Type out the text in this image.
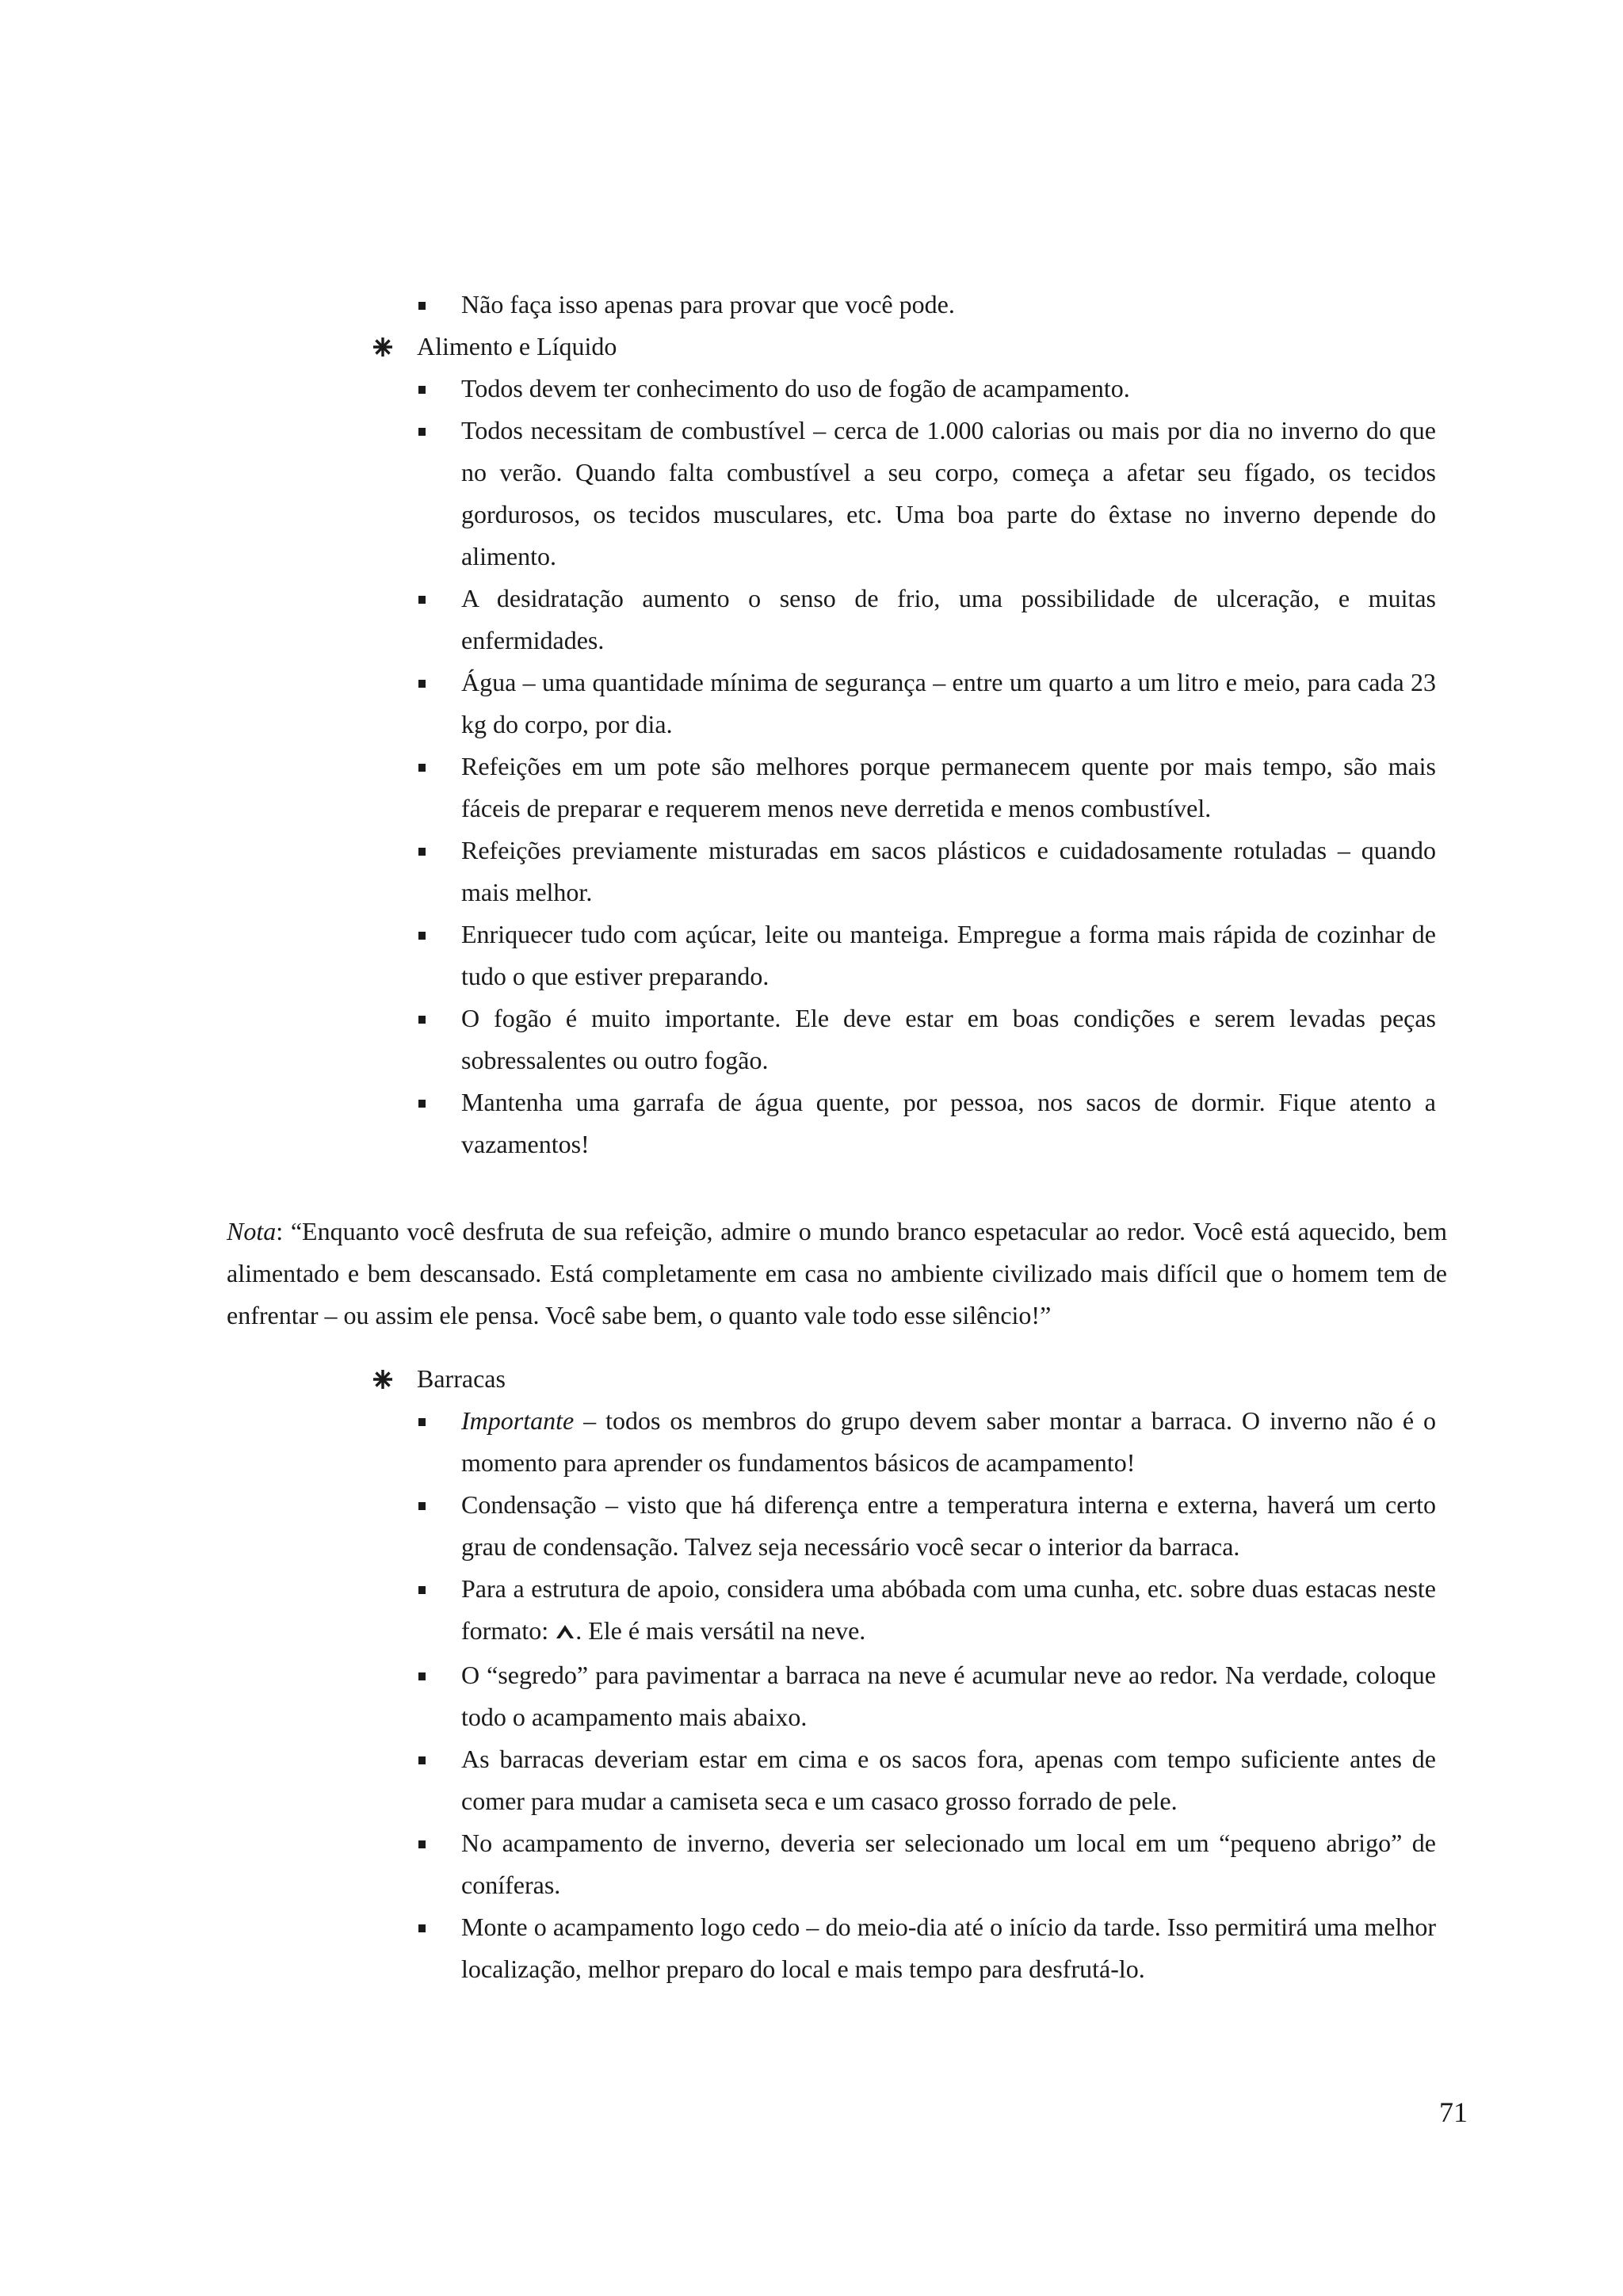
Não faça isso apenas para provar que você pode.
Alimento e Líquido
Todos devem ter conhecimento do uso de fogão de acampamento.
Todos necessitam de combustível – cerca de 1.000 calorias ou mais por dia no inverno do que no verão. Quando falta combustível a seu corpo, começa a afetar seu fígado, os tecidos gordurosos, os tecidos musculares, etc. Uma boa parte do êxtase no inverno depende do alimento.
A desidratação aumento o senso de frio, uma possibilidade de ulceração, e muitas enfermidades.
Água – uma quantidade mínima de segurança – entre um quarto a um litro e meio, para cada 23 kg do corpo, por dia.
Refeições em um pote são melhores porque permanecem quente por mais tempo, são mais fáceis de preparar e requerem menos neve derretida e menos combustível.
Refeições previamente misturadas em sacos plásticos e cuidadosamente rotuladas – quando mais melhor.
Enriquecer tudo com açúcar, leite ou manteiga. Empregue a forma mais rápida de cozinhar de tudo o que estiver preparando.
O fogão é muito importante. Ele deve estar em boas condições e serem levadas peças sobressalentes ou outro fogão.
Mantenha uma garrafa de água quente, por pessoa, nos sacos de dormir. Fique atento a vazamentos!

Nota: “Enquanto você desfruta de sua refeição, admire o mundo branco espetacular ao redor. Você está aquecido, bem alimentado e bem descansado. Está completamente em casa no ambiente civilizado mais difícil que o homem tem de enfrentar – ou assim ele pensa. Você sabe bem, o quanto vale todo esse silêncio!”

Barracas
Importante – todos os membros do grupo devem saber montar a barraca. O inverno não é o momento para aprender os fundamentos básicos de acampamento!
Condensação – visto que há diferença entre a temperatura interna e externa, haverá um certo grau de condensação. Talvez seja necessário você secar o interior da barraca.
Para a estrutura de apoio, considera uma abóbada com uma cunha, etc. sobre duas estacas neste formato: . Ele é mais versátil na neve.
O “segredo” para pavimentar a barraca na neve é acumular neve ao redor. Na verdade, coloque todo o acampamento mais abaixo.
As barracas deveriam estar em cima e os sacos fora, apenas com tempo suficiente antes de comer para mudar a camiseta seca e um casaco grosso forrado de pele.
No acampamento de inverno, deveria ser selecionado um local em um “pequeno abrigo” de coníferas.
Monte o acampamento logo cedo – do meio-dia até o início da tarde. Isso permitirá uma melhor localização, melhor preparo do local e mais tempo para desfrutá-lo.
71
